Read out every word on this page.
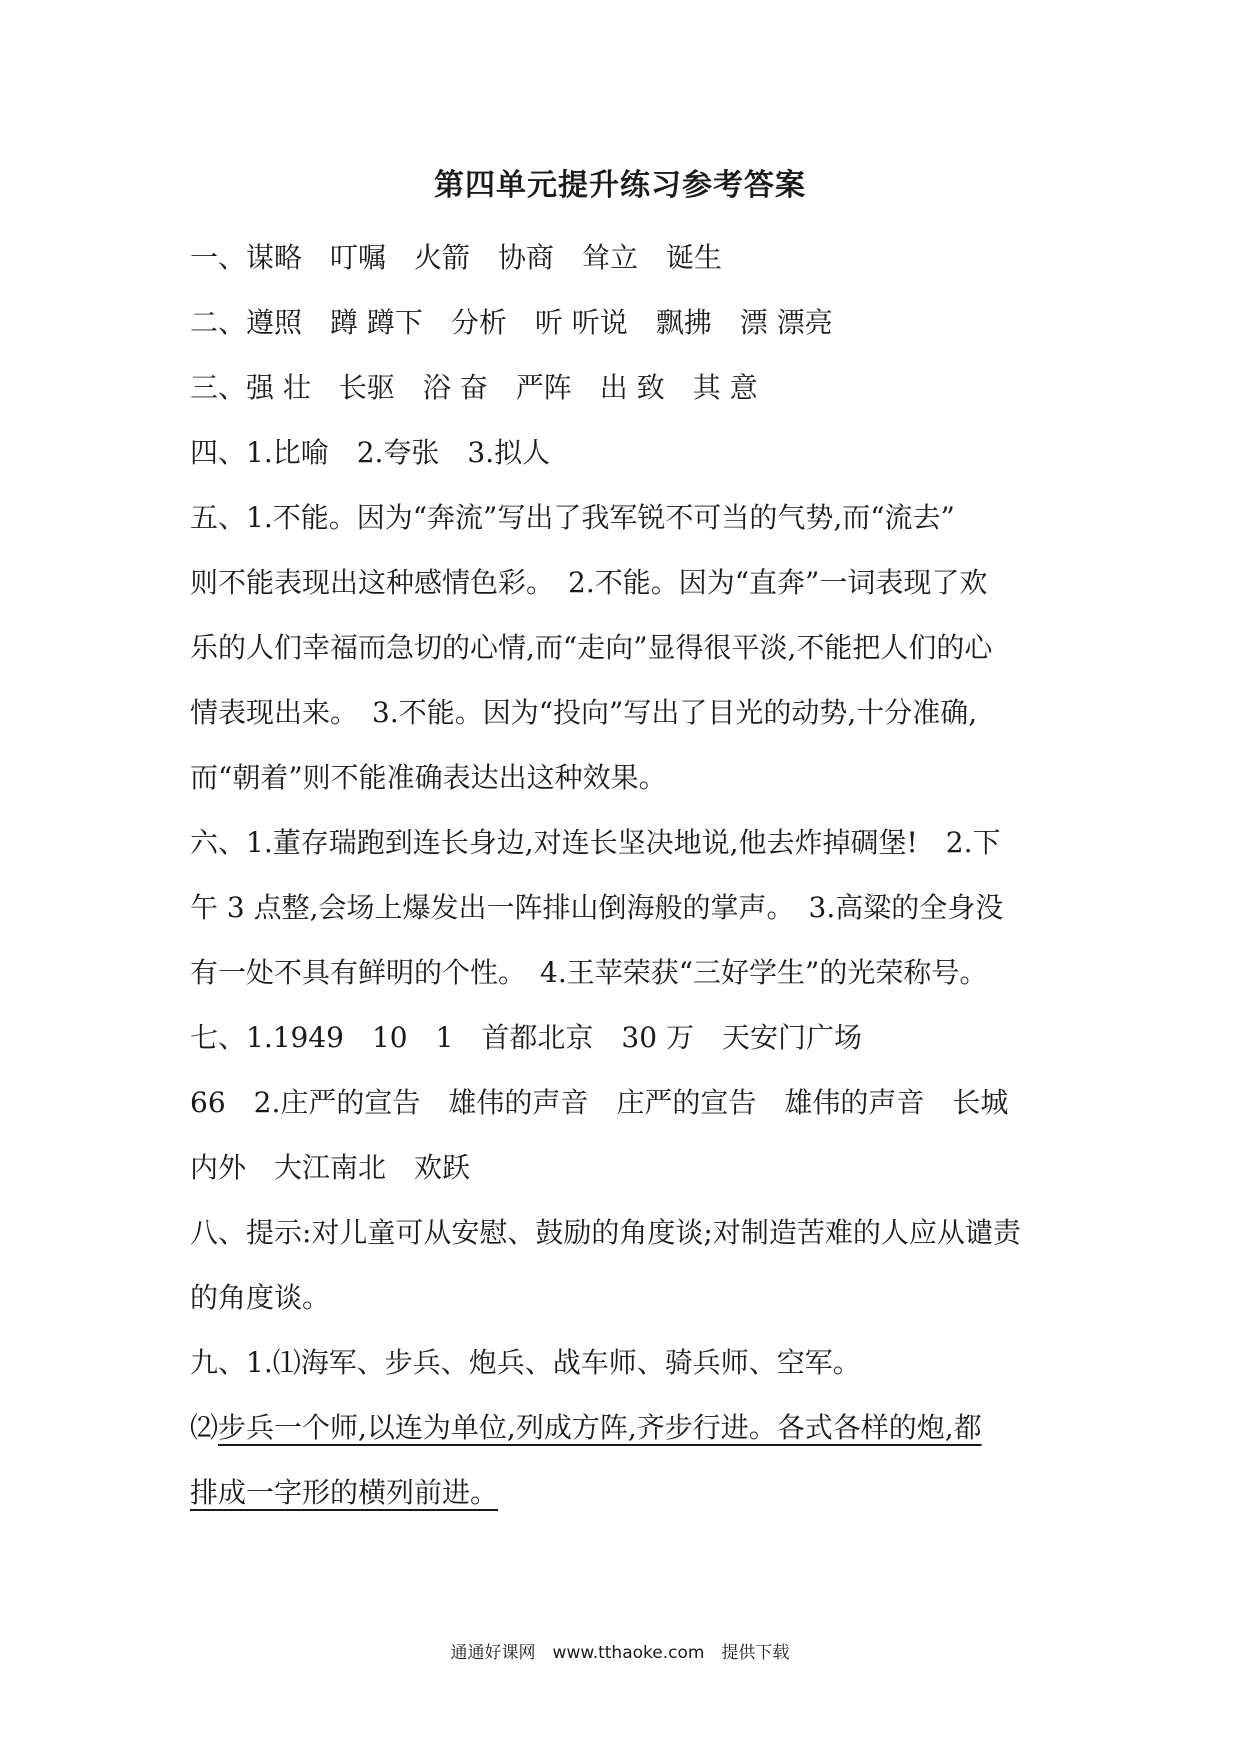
第四单元提升练习参考答案
一、谋略　叮嘱　火箭　协商　耸立　诞生
二、遵照　蹲 蹲下　分析　听 听说　飘拂　漂 漂亮
三、强 壮　长驱　浴 奋　严阵　出 致　其 意
四、1.比喻　2.夸张　3.拟人
五、1.不能。因为“奔流”写出了我军锐不可当的气势,而“流去”
则不能表现出这种感情色彩。　2.不能。因为“直奔”一词表现了欢
乐的人们幸福而急切的心情,而“走向”显得很平淡,不能把人们的心
情表现出来。　3.不能。因为“投向”写出了目光的动势,十分准确,
而“朝着”则不能准确表达出这种效果。
六、1.董存瑞跑到连长身边,对连长坚决地说,他去炸掉碉堡!　2.下
午 3 点整,会场上爆发出一阵排山倒海般的掌声。　3.高粱的全身没
有一处不具有鲜明的个性。　4.王苹荣获“三好学生”的光荣称号。
七、1.1949　10　1　首都北京　30 万　天安门广场
66　2.庄严的宣告　雄伟的声音　庄严的宣告　雄伟的声音　长城
内外　大江南北　欢跃
八、提示:对儿童可从安慰、鼓励的角度谈;对制造苦难的人应从谴责
的角度谈。
九、1.⑴海军、步兵、炮兵、战车师、骑兵师、空军。
⑵步兵一个师,以连为单位,列成方阵,齐步行进。各式各样的炮,都
排成一字形的横列前进。
通通好课网　www.tthaoke.com　提供下载
